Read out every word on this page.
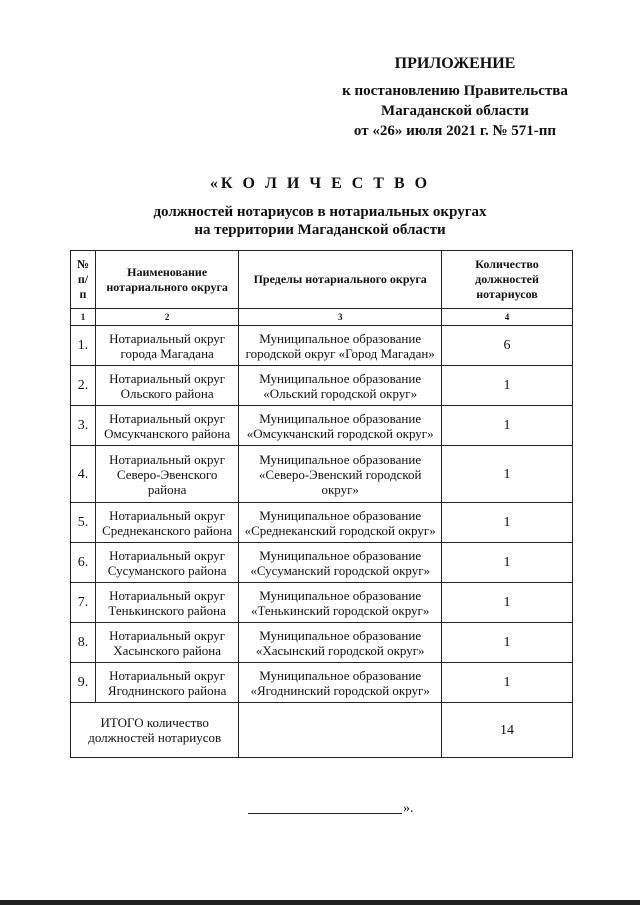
ПРИЛОЖЕНИЕ
к постановлению Правительства
Магаданской области
от «26» июля 2021 г. № 571-пп
«К О Л И Ч Е С Т В О
должностей нотариусов в нотариальных округах
на территории Магаданской области
№ п/п	Наименование нотариального округа	Пределы нотариального округа	Количество должностей нотариусов
1	2	3	4
1.	Нотариальный округ города Магадана	Муниципальное образование городской округ «Город Магадан»	6
2.	Нотариальный округ Ольского района	Муниципальное образование «Ольский городской округ»	1
3.	Нотариальный округ Омсукчанского района	Муниципальное образование «Омсукчанский городской округ»	1
4.	Нотариальный округ Северо-Эвенского района	Муниципальное образование «Северо-Эвенский городской округ»	1
5.	Нотариальный округ Среднеканского района	Муниципальное образование «Среднеканский городской округ»	1
6.	Нотариальный округ Сусуманского района	Муниципальное образование «Сусуманский городской округ»	1
7.	Нотариальный округ Тенькинского района	Муниципальное образование «Тенькинский городской округ»	1
8.	Нотариальный округ Хасынского района	Муниципальное образование «Хасынский городской округ»	1
9.	Нотариальный округ Ягоднинского района	Муниципальное образование «Ягоднинский городской округ»	1
ИТОГО количество должностей нотариусов			14
».
